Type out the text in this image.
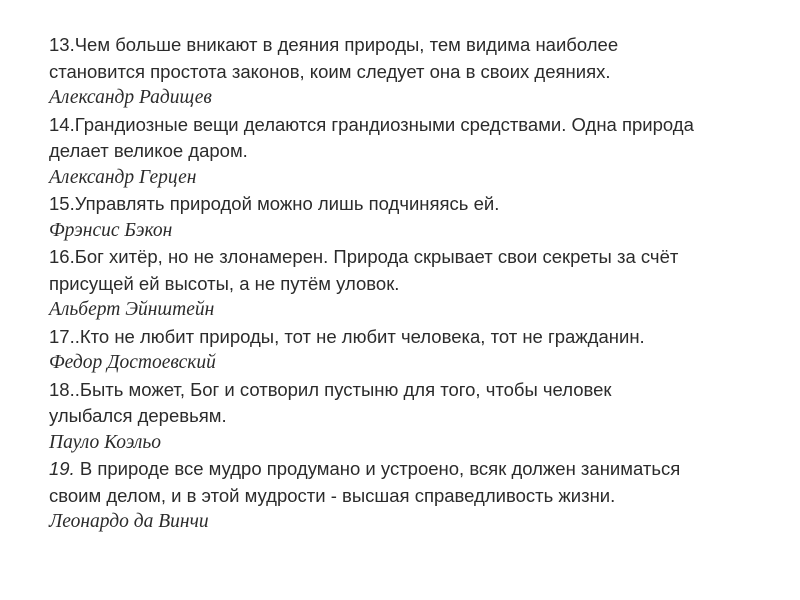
13.Чем больше вникают в деяния природы, тем видима наиболее
становится простота законов, коим следует она в своих деяниях.
Александр Радищев
14.Грандиозные вещи делаются грандиозными средствами. Одна природа
делает великое даром.
Александр Герцен
15.Управлять природой можно лишь подчиняясь ей.
Фрэнсис Бэкон
16.Бог хитёр, но не злонамерен. Природа скрывает свои секреты за счёт
присущей ей высоты, а не путём уловок.
Альберт Эйнштейн
17..Кто не любит природы, тот не любит человека, тот не гражданин.
Федор Достоевский
18..Быть может, Бог и сотворил пустыню для того, чтобы человек
улыбался деревьям.
Пауло Коэльо
19. В природе все мудро продумано и устроено, всяк должен заниматься
своим делом, и в этой мудрости - высшая справедливость жизни.
Леонардо да Винчи
